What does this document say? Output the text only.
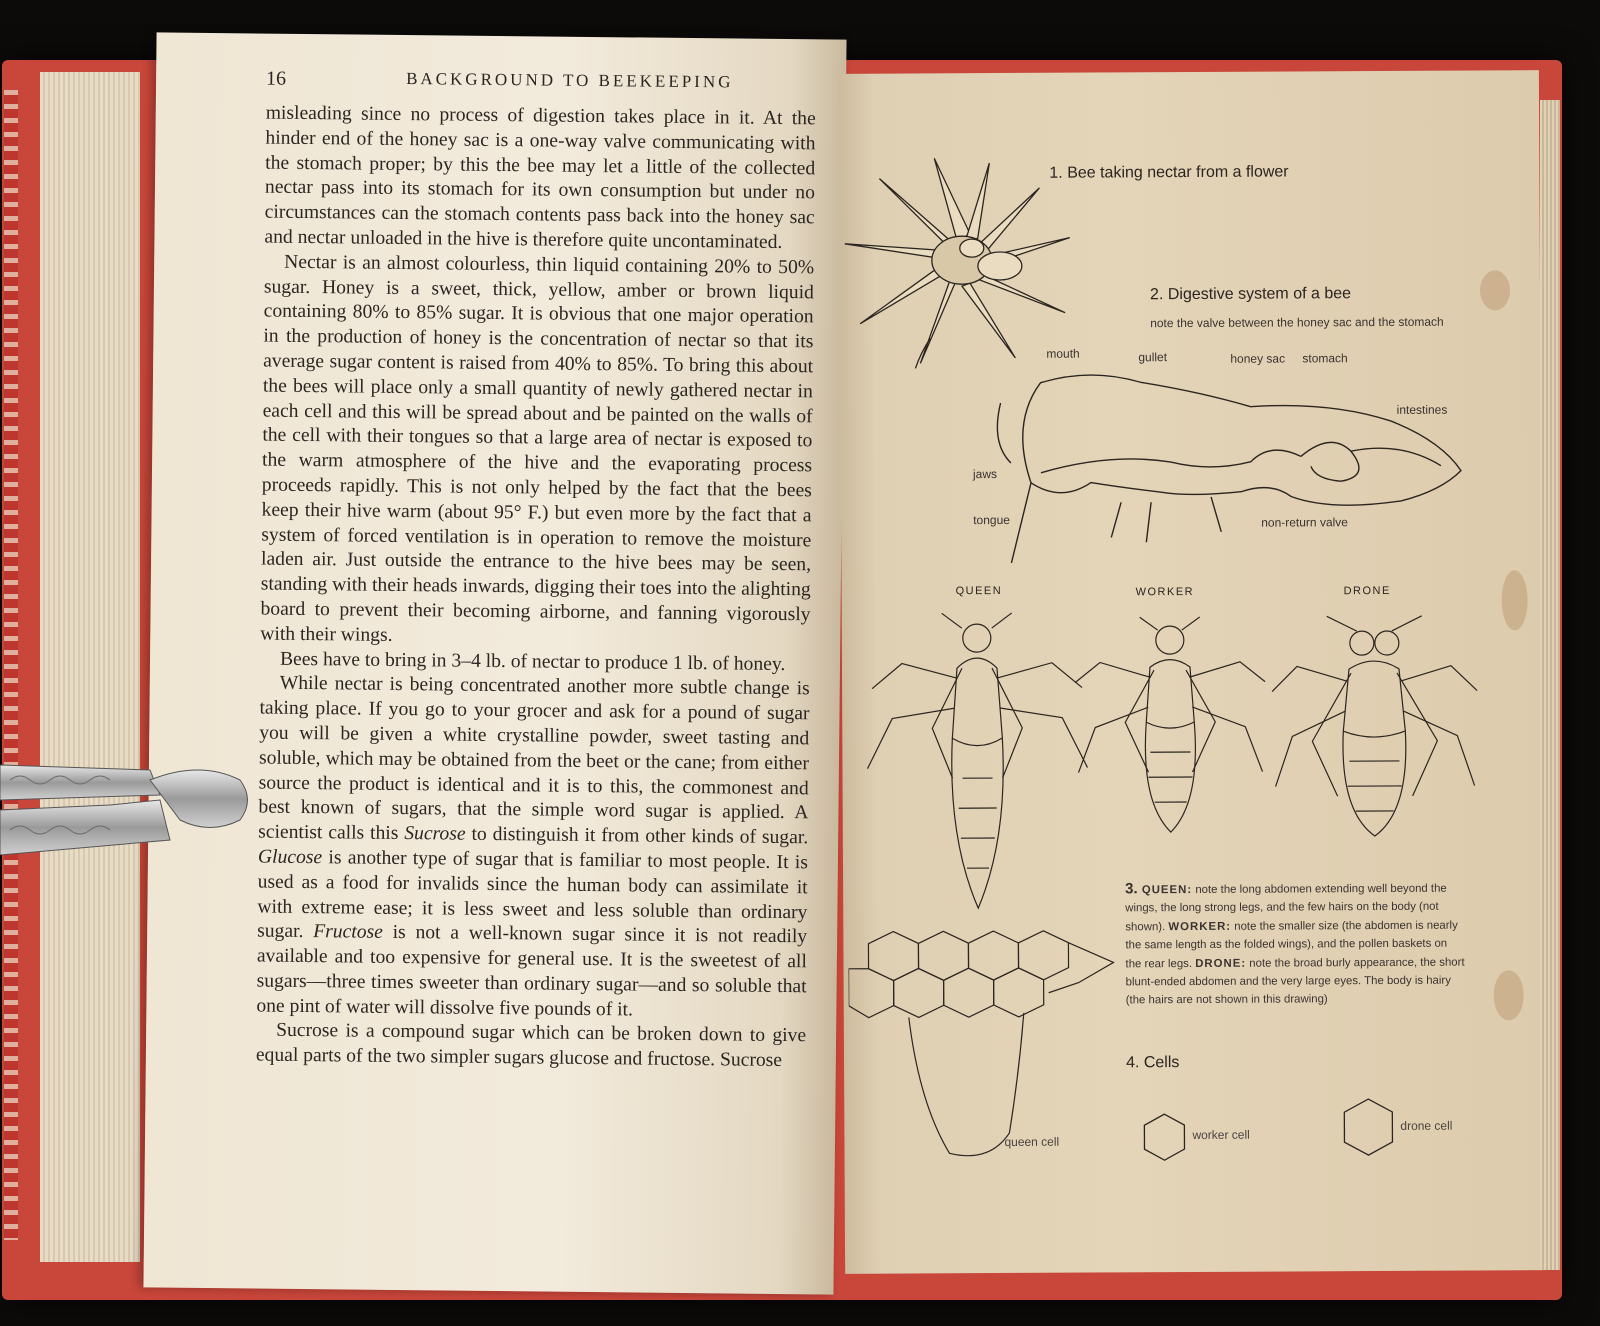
16	BACKGROUND TO BEEKEEPING

misleading since no process of digestion takes place in it. At the hinder end of the honey sac is a one-way valve communicating with the stomach proper; by this the bee may let a little of the collected nectar pass into its stomach for its own consumption but under no circumstances can the stomach contents pass back into the honey sac and nectar unloaded in the hive is therefore quite uncontaminated.

Nectar is an almost colourless, thin liquid containing 20% to 50% sugar. Honey is a sweet, thick, yellow, amber or brown liquid containing 80% to 85% sugar. It is obvious that one major operation in the production of honey is the concentration of nectar so that its average sugar content is raised from 40% to 85%. To bring this about the bees will place only a small quantity of newly gathered nectar in each cell and this will be spread about and be painted on the walls of the cell with their tongues so that a large area of nectar is exposed to the warm atmosphere of the hive and the evaporating process proceeds rapidly. This is not only helped by the fact that the bees keep their hive warm (about 95° F.) but even more by the fact that a system of forced ventilation is in operation to remove the moisture laden air. Just outside the entrance to the hive bees may be seen, standing with their heads inwards, digging their toes into the alighting board to prevent their becoming airborne, and fanning vigorously with their wings.

Bees have to bring in 3–4 lb. of nectar to produce 1 lb. of honey.

While nectar is being concentrated another more subtle change is taking place. If you go to your grocer and ask for a pound of sugar you will be given a white crystalline powder, sweet tasting and soluble, which may be obtained from the beet or the cane; from either source the product is identical and it is to this, the commonest and best known of sugars, that the simple word sugar is applied. A scientist calls this Sucrose to distinguish it from other kinds of sugar. Glucose is another type of sugar that is familiar to most people. It is used as a food for invalids since the human body can assimilate it with extreme ease; it is less sweet and less soluble than ordinary sugar. Fructose is not a well-known sugar since it is not readily available and too expensive for general use. It is the sweetest of all sugars—three times sweeter than ordinary sugar—and so soluble that one pint of water will dissolve five pounds of it.

Sucrose is a compound sugar which can be broken down to give equal parts of the two simpler sugars glucose and fructose. Sucrose

1. Bee taking nectar from a flower
2. Digestive system of a bee
note the valve between the honey sac and the stomach
mouth	gullet	honey sac stomach
intestines
jaws
tongue	non-return valve
QUEEN	WORKER	DRONE
3. QUEEN: note the long abdomen extending well beyond the wings, the long strong legs, and the few hairs on the body (not shown). WORKER: note the smaller size (the abdomen is nearly the same length as the folded wings), and the pollen baskets on the rear legs. DRONE: note the broad burly appearance, the short blunt-ended abdomen and the very large eyes. The body is hairy (the hairs are not shown in this drawing)
4. Cells
queen cell	worker cell
drone cell
